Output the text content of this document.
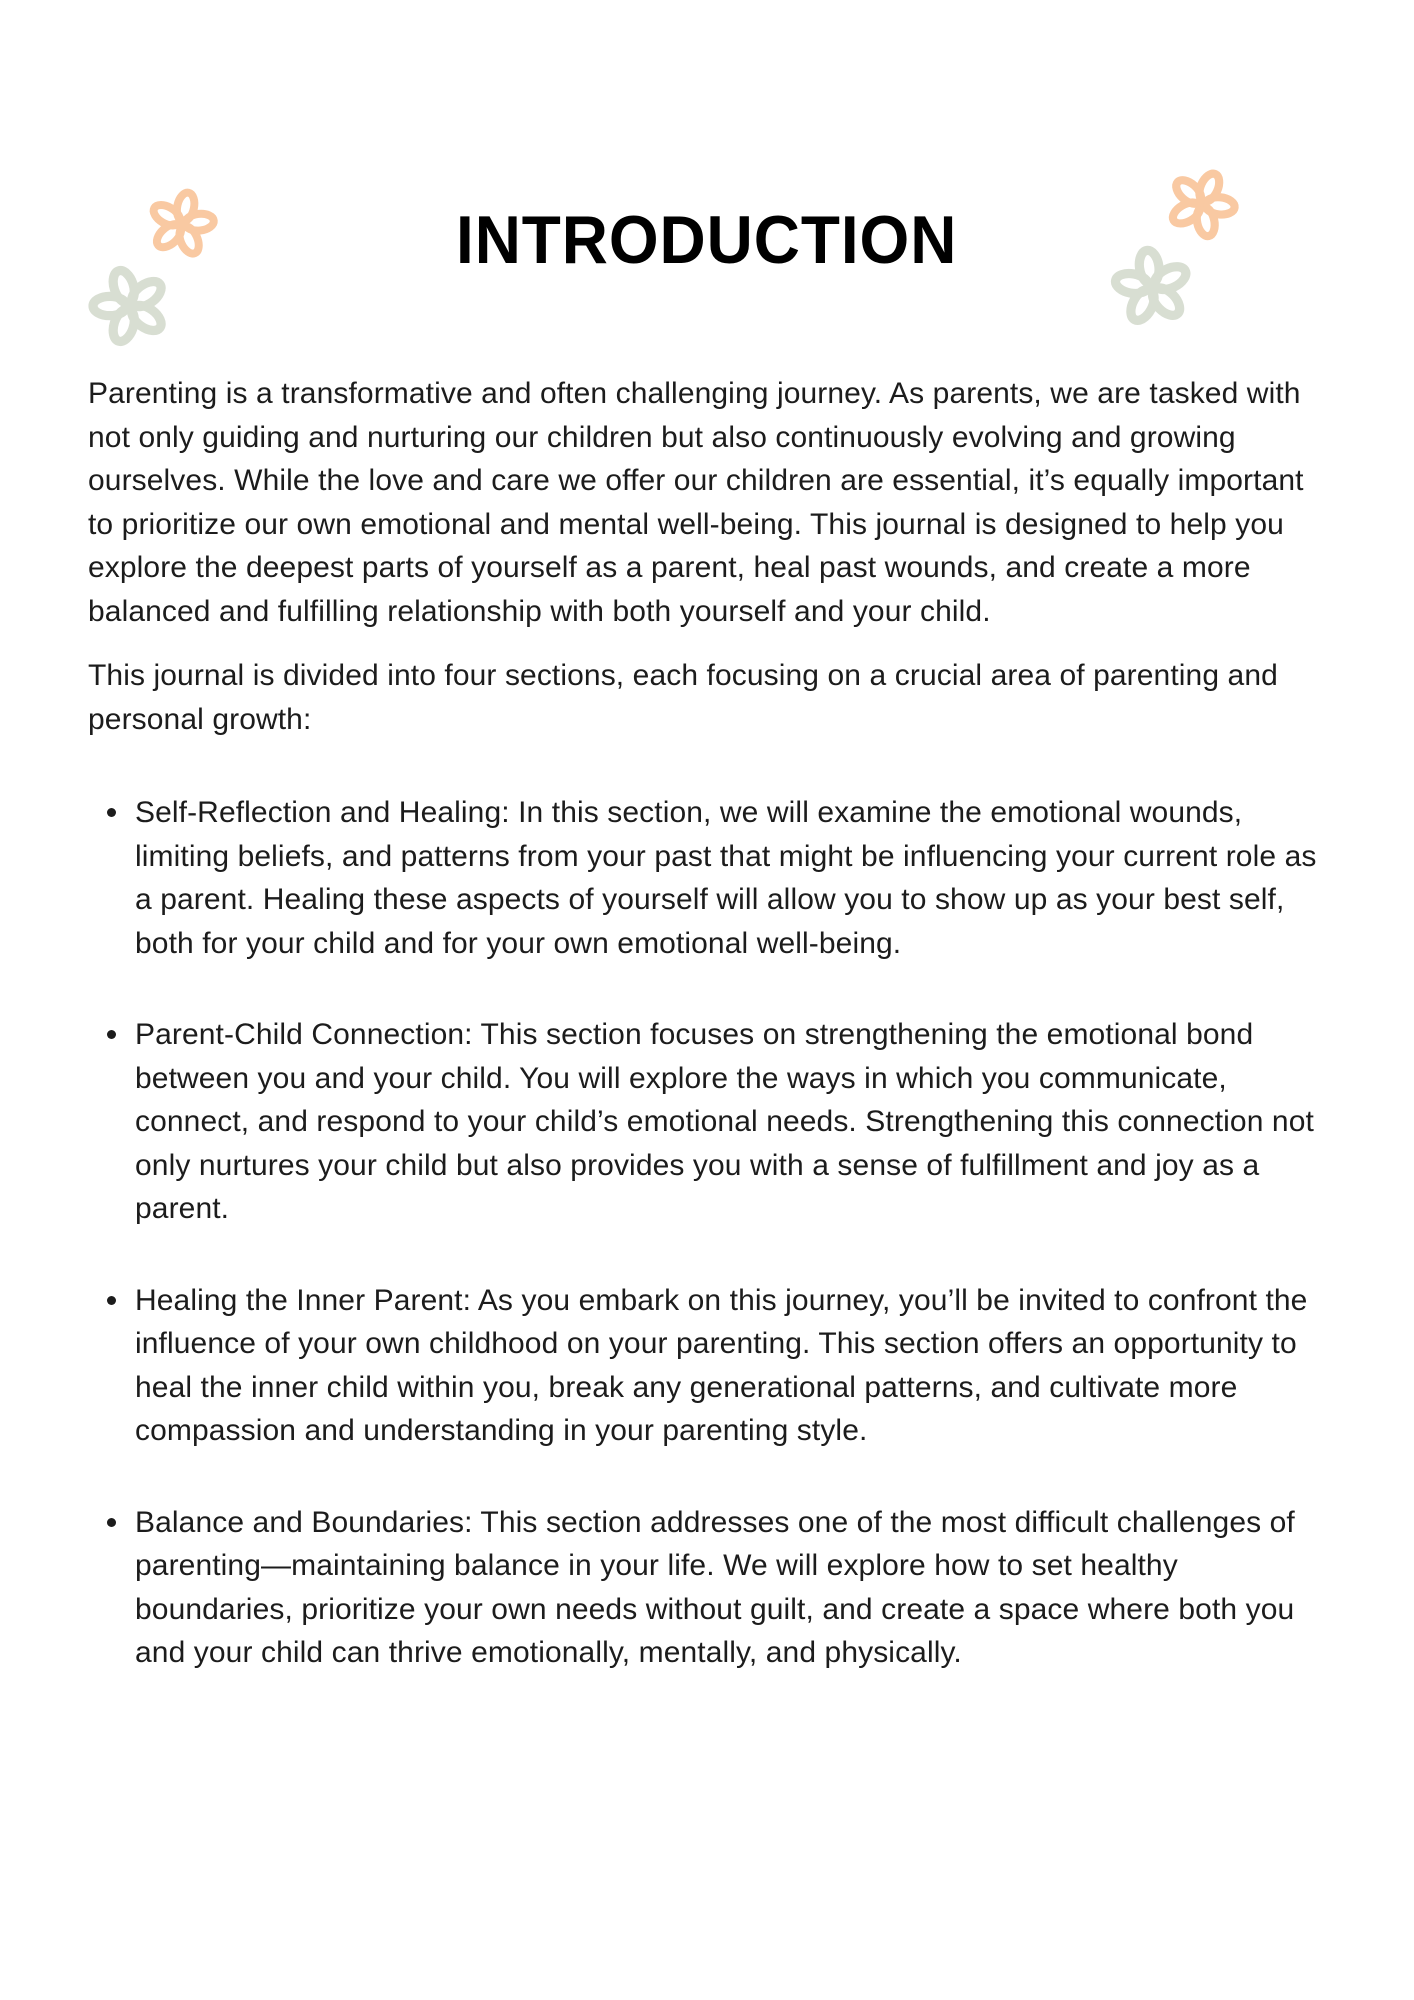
INTRODUCTION

Parenting is a transformative and often challenging journey. As parents, we are tasked with not only guiding and nurturing our children but also continuously evolving and growing ourselves. While the love and care we offer our children are essential, it’s equally important to prioritize our own emotional and mental well-being. This journal is designed to help you explore the deepest parts of yourself as a parent, heal past wounds, and create a more balanced and fulfilling relationship with both yourself and your child.

This journal is divided into four sections, each focusing on a crucial area of parenting and personal growth:

Self-Reflection and Healing: In this section, we will examine the emotional wounds, limiting beliefs, and patterns from your past that might be influencing your current role as a parent. Healing these aspects of yourself will allow you to show up as your best self, both for your child and for your own emotional well-being.
Parent-Child Connection: This section focuses on strengthening the emotional bond between you and your child. You will explore the ways in which you communicate, connect, and respond to your child’s emotional needs. Strengthening this connection not only nurtures your child but also provides you with a sense of fulfillment and joy as a parent.
Healing the Inner Parent: As you embark on this journey, you’ll be invited to confront the influence of your own childhood on your parenting. This section offers an opportunity to heal the inner child within you, break any generational patterns, and cultivate more compassion and understanding in your parenting style.
Balance and Boundaries: This section addresses one of the most difficult challenges of parenting—maintaining balance in your life. We will explore how to set healthy boundaries, prioritize your own needs without guilt, and create a space where both you and your child can thrive emotionally, mentally, and physically.
